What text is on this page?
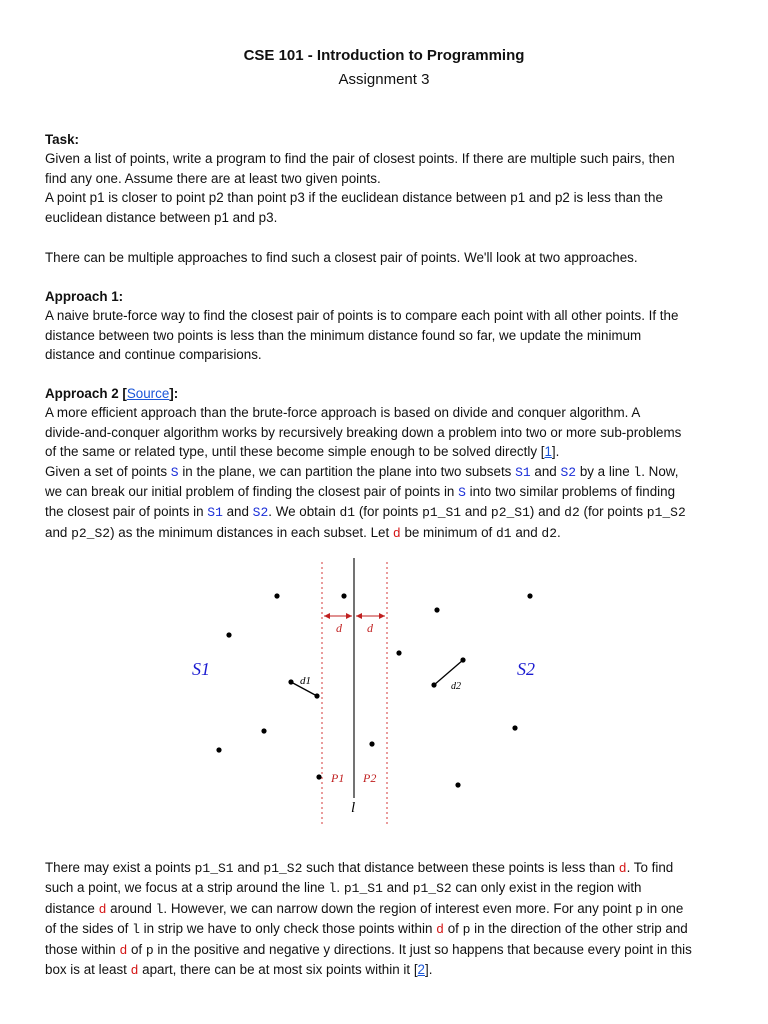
CSE 101 - Introduction to Programming
Assignment 3
Task:
Given a list of points, write a program to find the pair of closest points. If there are multiple such pairs, then
find any one. Assume there are at least two given points.
A point p1 is closer to point p2 than point p3 if the euclidean distance between p1 and p2 is less than the
euclidean distance between p1 and p3.
There can be multiple approaches to find such a closest pair of points. We'll look at two approaches.
Approach 1:
A naive brute-force way to find the closest pair of points is to compare each point with all other points. If the
distance between two points is less than the minimum distance found so far, we update the minimum
distance and continue comparisions.
Approach 2 [Source]:
A more efficient approach than the brute-force approach is based on divide and conquer algorithm. A
divide-and-conquer algorithm works by recursively breaking down a problem into two or more sub-problems
of the same or related type, until these become simple enough to be solved directly [1].
Given a set of points S in the plane, we can partition the plane into two subsets S1 and S2 by a line l. Now,
we can break our initial problem of finding the closest pair of points in S into two similar problems of finding
the closest pair of points in S1 and S2. We obtain d1 (for points p1_S1 and p2_S1) and d2 (for points p1_S2
and p2_S2) as the minimum distances in each subset. Let d be minimum of d1 and d2.
d d
d1	d2
S1	S2
P1 P2
l
There may exist a points p1_S1 and p1_S2 such that distance between these points is less than d. To find
such a point, we focus at a strip around the line l. p1_S1 and p1_S2 can only exist in the region with
distance d around l. However, we can narrow down the region of interest even more. For any point p in one
of the sides of l in strip we have to only check those points within d of p in the direction of the other strip and
those within d of p in the positive and negative y directions. It just so happens that because every point in this
box is at least d apart, there can be at most six points within it [2].
